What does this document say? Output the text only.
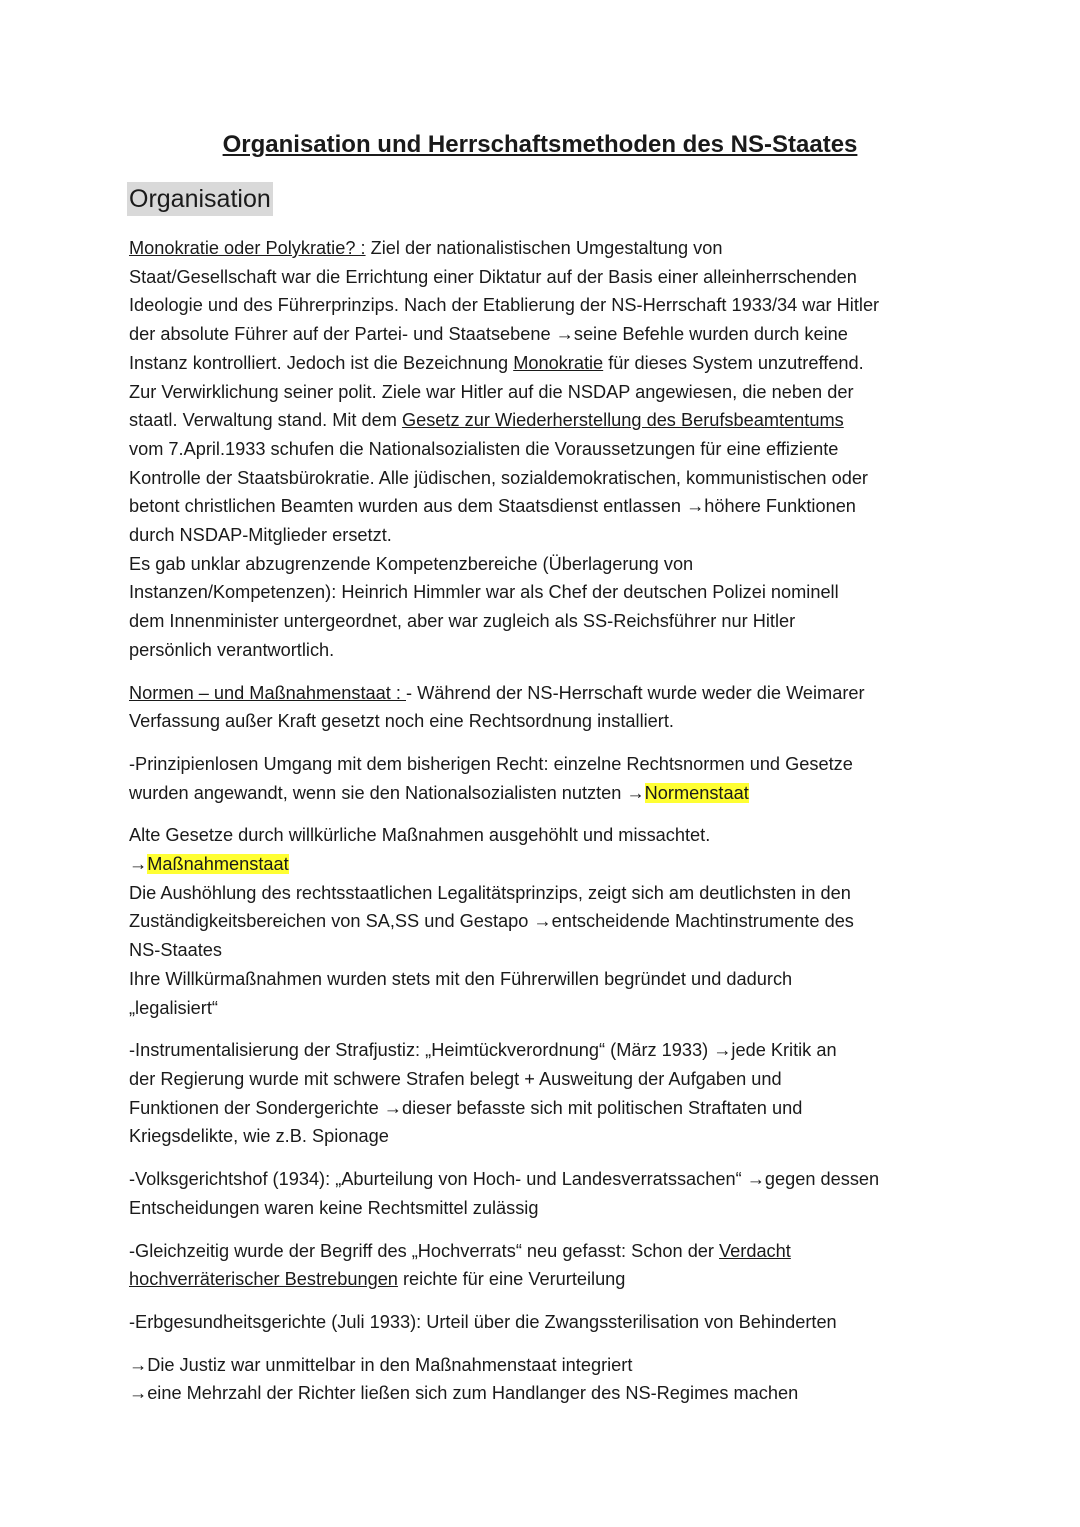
Organisation und Herrschaftsmethoden des NS-Staates
Organisation
Monokratie oder Polykratie? : Ziel der nationalistischen Umgestaltung von
Staat/Gesellschaft war die Errichtung einer Diktatur auf der Basis einer alleinherrschenden
Ideologie und des Führerprinzips. Nach der Etablierung der NS-Herrschaft 1933/34 war Hitler
der absolute Führer auf der Partei- und Staatsebene →seine Befehle wurden durch keine
Instanz kontrolliert. Jedoch ist die Bezeichnung Monokratie für dieses System unzutreffend.
Zur Verwirklichung seiner polit. Ziele war Hitler auf die NSDAP angewiesen, die neben der
staatl. Verwaltung stand. Mit dem Gesetz zur Wiederherstellung des Berufsbeamtentums
vom 7.April.1933 schufen die Nationalsozialisten die Voraussetzungen für eine effiziente
Kontrolle der Staatsbürokratie. Alle jüdischen, sozialdemokratischen, kommunistischen oder
betont christlichen Beamten wurden aus dem Staatsdienst entlassen →höhere Funktionen
durch NSDAP-Mitglieder ersetzt.
Es gab unklar abzugrenzende Kompetenzbereiche (Überlagerung von
Instanzen/Kompetenzen): Heinrich Himmler war als Chef der deutschen Polizei nominell
dem Innenminister untergeordnet, aber war zugleich als SS-Reichsführer nur Hitler
persönlich verantwortlich.
Normen – und Maßnahmenstaat : - Während der NS-Herrschaft wurde weder die Weimarer
Verfassung außer Kraft gesetzt noch eine Rechtsordnung installiert.
-Prinzipienlosen Umgang mit dem bisherigen Recht: einzelne Rechtsnormen und Gesetze
wurden angewandt, wenn sie den Nationalsozialisten nutzten →Normenstaat
Alte Gesetze durch willkürliche Maßnahmen ausgehöhlt und missachtet.
→Maßnahmenstaat
Die Aushöhlung des rechtsstaatlichen Legalitätsprinzips, zeigt sich am deutlichsten in den
Zuständigkeitsbereichen von SA,SS und Gestapo →entscheidende Machtinstrumente des
NS-Staates
Ihre Willkürmaßnahmen wurden stets mit den Führerwillen begründet und dadurch
„legalisiert“
-Instrumentalisierung der Strafjustiz: „Heimtückverordnung“ (März 1933) →jede Kritik an
der Regierung wurde mit schwere Strafen belegt + Ausweitung der Aufgaben und
Funktionen der Sondergerichte →dieser befasste sich mit politischen Straftaten und
Kriegsdelikte, wie z.B. Spionage
-Volksgerichtshof (1934): „Aburteilung von Hoch- und Landesverratssachen“ →gegen dessen
Entscheidungen waren keine Rechtsmittel zulässig
-Gleichzeitig wurde der Begriff des „Hochverrats“ neu gefasst: Schon der Verdacht
hochverräterischer Bestrebungen reichte für eine Verurteilung
-Erbgesundheitsgerichte (Juli 1933): Urteil über die Zwangssterilisation von Behinderten
→Die Justiz war unmittelbar in den Maßnahmenstaat integriert
→eine Mehrzahl der Richter ließen sich zum Handlanger des NS-Regimes machen
